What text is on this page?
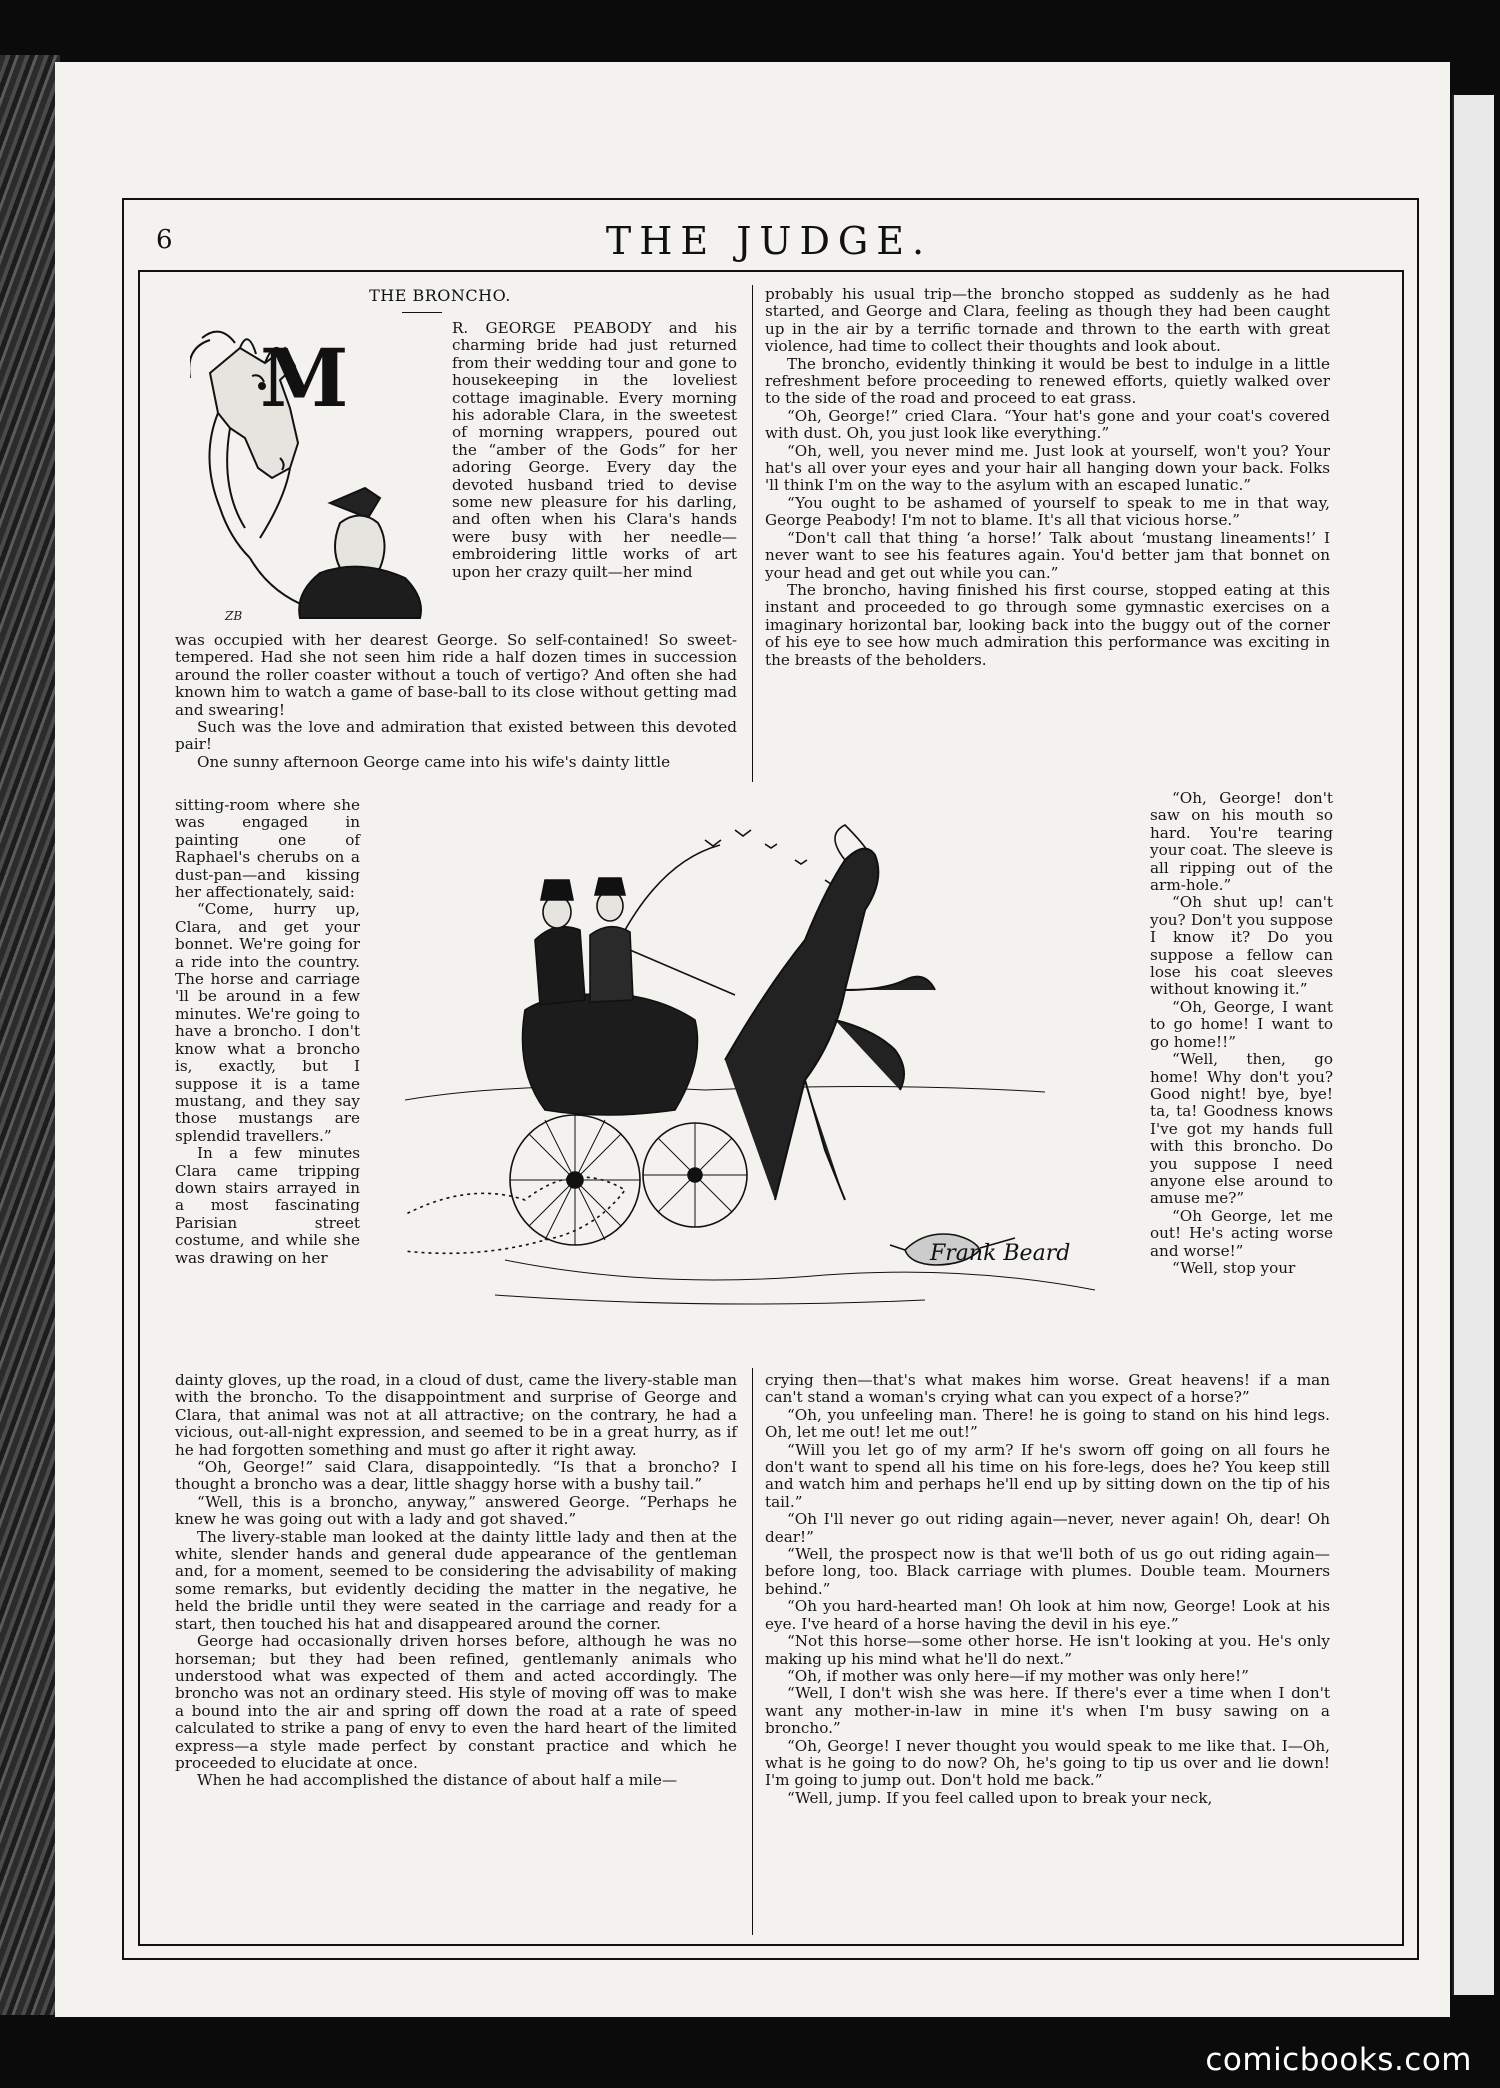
6	THE JUDGE.
THE BRONCHO.
M
ZB
Frank Beard

R. GEORGE PEABODY and his charming bride had just returned from their wedding tour and gone to housekeeping in the loveliest cottage imaginable. Every morning his adorable Clara, in the sweetest of morning wrappers, poured out the “amber of the Gods” for her adoring George. Every day the devoted husband tried to devise some new pleasure for his darling, and often when his Clara's hands were busy with her needle—embroidering little works of art upon her crazy quilt—her mind

was occupied with her dearest George. So self-contained! So sweet-tempered. Had she not seen him ride a half dozen times in succession around the roller coaster without a touch of vertigo? And often she had known him to watch a game of base-ball to its close without getting mad and swearing!

Such was the love and admiration that existed between this devoted pair!

One sunny afternoon George came into his wife's dainty little

sitting-room where she was engaged in painting one of Raphael's cherubs on a dust-pan—and kissing her affectionately, said:

“Come, hurry up, Clara, and get your bonnet. We're going for a ride into the country. The horse and carriage 'll be around in a few minutes. We're going to have a broncho. I don't know what a broncho is, exactly, but I suppose it is a tame mustang, and they say those mustangs are splendid travellers.”

In a few minutes Clara came tripping down stairs arrayed in a most fascinating Parisian street costume, and while she was drawing on her

dainty gloves, up the road, in a cloud of dust, came the livery-stable man with the broncho. To the disappointment and surprise of George and Clara, that animal was not at all attractive; on the contrary, he had a vicious, out-all-night expression, and seemed to be in a great hurry, as if he had forgotten something and must go after it right away.

“Oh, George!” said Clara, disappointedly. “Is that a broncho? I thought a broncho was a dear, little shaggy horse with a bushy tail.”

“Well, this is a broncho, anyway,” answered George. “Perhaps he knew he was going out with a lady and got shaved.”

The livery-stable man looked at the dainty little lady and then at the white, slender hands and general dude appearance of the gentleman and, for a moment, seemed to be considering the advisability of making some remarks, but evidently deciding the matter in the negative, he held the bridle until they were seated in the carriage and ready for a start, then touched his hat and disappeared around the corner.

George had occasionally driven horses before, although he was no horseman; but they had been refined, gentlemanly animals who understood what was expected of them and acted accordingly. The broncho was not an ordinary steed. His style of moving off was to make a bound into the air and spring off down the road at a rate of speed calculated to strike a pang of envy to even the hard heart of the limited express—a style made perfect by constant practice and which he proceeded to elucidate at once.

When he had accomplished the distance of about half a mile—

probably his usual trip—the broncho stopped as suddenly as he had started, and George and Clara, feeling as though they had been caught up in the air by a terrific tornade and thrown to the earth with great violence, had time to collect their thoughts and look about.

The broncho, evidently thinking it would be best to indulge in a little refreshment before proceeding to renewed efforts, quietly walked over to the side of the road and proceed to eat grass.

“Oh, George!” cried Clara. “Your hat's gone and your coat's covered with dust. Oh, you just look like everything.”

“Oh, well, you never mind me. Just look at yourself, won't you? Your hat's all over your eyes and your hair all hanging down your back. Folks 'll think I'm on the way to the asylum with an escaped lunatic.”

“You ought to be ashamed of yourself to speak to me in that way, George Peabody! I'm not to blame. It's all that vicious horse.”

“Don't call that thing ‘a horse!’ Talk about ‘mustang lineaments!’ I never want to see his features again. You'd better jam that bonnet on your head and get out while you can.”

The broncho, having finished his first course, stopped eating at this instant and proceeded to go through some gymnastic exercises on a imaginary horizontal bar, looking back into the buggy out of the corner of his eye to see how much admiration this performance was exciting in the breasts of the beholders.

“Oh, George! don't saw on his mouth so hard. You're tearing your coat. The sleeve is all ripping out of the arm-hole.”

“Oh shut up! can't you? Don't you suppose I know it? Do you suppose a fellow can lose his coat sleeves without knowing it.”

“Oh, George, I want to go home! I want to go home!!”

“Well, then, go home! Why don't you? Good night! bye, bye! ta, ta! Goodness knows I've got my hands full with this broncho. Do you suppose I need anyone else around to amuse me?”

“Oh George, let me out! He's acting worse and worse!”

“Well, stop your

crying then—that's what makes him worse. Great heavens! if a man can't stand a woman's crying what can you expect of a horse?”

“Oh, you unfeeling man. There! he is going to stand on his hind legs. Oh, let me out! let me out!”

“Will you let go of my arm? If he's sworn off going on all fours he don't want to spend all his time on his fore-legs, does he? You keep still and watch him and perhaps he'll end up by sitting down on the tip of his tail.”

“Oh I'll never go out riding again—never, never again! Oh, dear! Oh dear!”

“Well, the prospect now is that we'll both of us go out riding again—before long, too. Black carriage with plumes. Double team. Mourners behind.”

“Oh you hard-hearted man! Oh look at him now, George! Look at his eye. I've heard of a horse having the devil in his eye.”

“Not this horse—some other horse. He isn't looking at you. He's only making up his mind what he'll do next.”

“Oh, if mother was only here—if my mother was only here!”

“Well, I don't wish she was here. If there's ever a time when I don't want any mother-in-law in mine it's when I'm busy sawing on a broncho.”

“Oh, George! I never thought you would speak to me like that. I—Oh, what is he going to do now? Oh, he's going to tip us over and lie down! I'm going to jump out. Don't hold me back.”

“Well, jump. If you feel called upon to break your neck,

comicbooks.com
